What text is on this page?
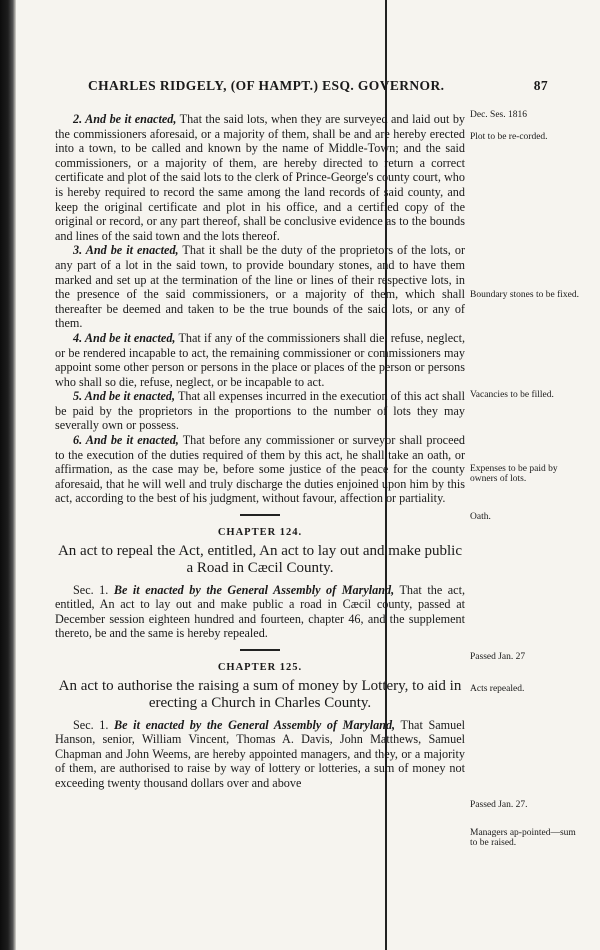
CHARLES RIDGELY, (OF HAMPT.) ESQ. GOVERNOR.	87
Dec. Ses. 1816
Plot to be re-corded.
Boundary stones to be fixed.
Vacancies to be filled.
Expenses to be paid by owners of lots.
Oath.
Passed Jan. 27
Acts repealed.
Passed Jan. 27.
Managers ap-pointed—sum to be raised.

2. And be it enacted, That the said lots, when they are surveyed and laid out by the commissioners aforesaid, or a majority of them, shall be and are hereby erected into a town, to be called and known by the name of Middle-Town; and the said commissioners, or a majority of them, are hereby directed to return a correct certificate and plot of the said lots to the clerk of Prince-George's county court, who is hereby required to record the same among the land records of said county, and keep the original certificate and plot in his office, and a certified copy of the original or record, or any part thereof, shall be conclusive evidence as to the bounds and lines of the said town and the lots thereof.

3. And be it enacted, That it shall be the duty of the proprietors of the lots, or any part of a lot in the said town, to provide boundary stones, and to have them marked and set up at the termination of the line or lines of their respective lots, in the presence of the said commissioners, or a majority of them, which shall thereafter be deemed and taken to be the true bounds of the said lots, or any of them.

4. And be it enacted, That if any of the commissioners shall die, refuse, neglect, or be rendered incapable to act, the remaining commissioner or commissioners may appoint some other person or persons in the place or places of the person or persons who shall so die, refuse, neglect, or be incapable to act.

5. And be it enacted, That all expenses incurred in the execution of this act shall be paid by the proprietors in the proportions to the number of lots they may severally own or possess.

6. And be it enacted, That before any commissioner or surveyor shall proceed to the execution of the duties required of them by this act, he shall take an oath, or affirmation, as the case may be, before some justice of the peace for the county aforesaid, that he will well and truly discharge the duties enjoined upon him by this act, according to the best of his judgment, without favour, affection or partiality.

CHAPTER 124.
An act to repeal the Act, entitled, An act to lay out and make public a Road in Cæcil County.

Sec. 1. Be it enacted by the General Assembly of Maryland, That the act, entitled, An act to lay out and make public a road in Cæcil county, passed at December session eighteen hundred and fourteen, chapter 46, and the supplement thereto, be and the same is hereby repealed.

CHAPTER 125.
An act to authorise the raising a sum of money by Lottery, to aid in erecting a Church in Charles County.

Sec. 1. Be it enacted by the General Assembly of Maryland, That Samuel Hanson, senior, William Vincent, Thomas A. Davis, John Matthews, Samuel Chapman and John Weems, are hereby appointed managers, and they, or a majority of them, are authorised to raise by way of lottery or lotteries, a sum of money not exceeding twenty thousand dollars over and above
